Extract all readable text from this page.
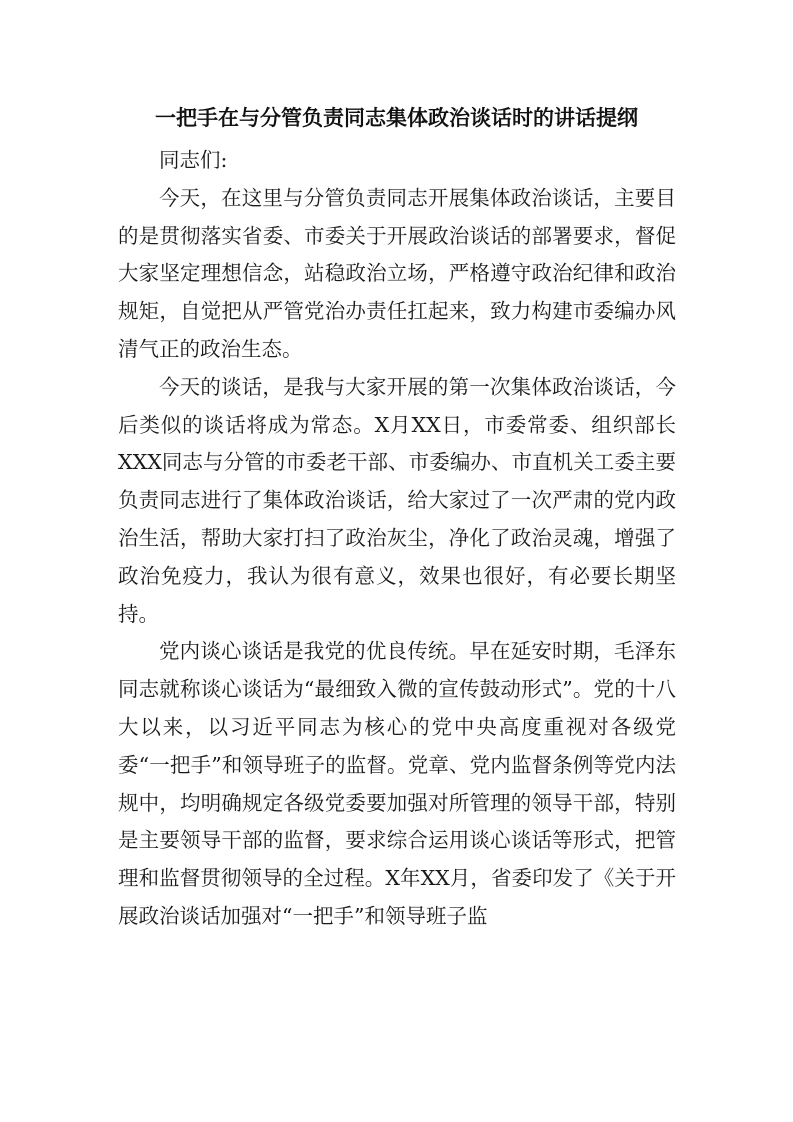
一把手在与分管负责同志集体政治谈话时的讲话提纲

同志们:

今天，在这里与分管负责同志开展集体政治谈话，主要目的是贯彻落实省委、市委关于开展政治谈话的部署要求，督促大家坚定理想信念，站稳政治立场，严格遵守政治纪律和政治规矩，自觉把从严管党治办责任扛起来，致力构建市委编办风清气正的政治生态。

今天的谈话，是我与大家开展的第一次集体政治谈话，今后类似的谈话将成为常态。X月XX日，市委常委、组织部长XXX同志与分管的市委老干部、市委编办、市直机关工委主要负责同志进行了集体政治谈话，给大家过了一次严肃的党内政治生活，帮助大家打扫了政治灰尘，净化了政治灵魂，增强了政治免疫力，我认为很有意义，效果也很好，有必要长期坚持。

党内谈心谈话是我党的优良传统。早在延安时期，毛泽东同志就称谈心谈话为“最细致入微的宣传鼓动形式”。党的十八大以来，以习近平同志为核心的党中央高度重视对各级党委“一把手”和领导班子的监督。党章、党内监督条例等党内法规中，均明确规定各级党委要加强对所管理的领导干部，特别是主要领导干部的监督，要求综合运用谈心谈话等形式，把管理和监督贯彻领导的全过程。X年XX月，省委印发了《关于开展政治谈话加强对“一把手”和领导班子监
